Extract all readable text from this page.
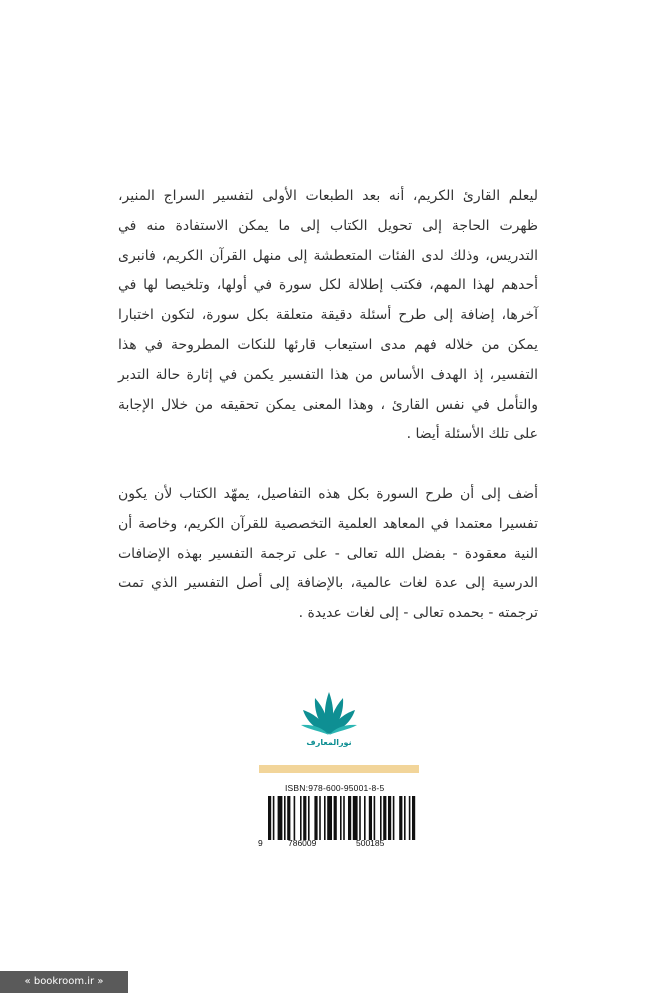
ليعلم القارئ الكريم، أنه بعد الطبعات الأولى لتفسير السراج المنير، ظهرت الحاجة إلى تحويل الكتاب إلى ما يمكن الاستفادة منه في التدريس، وذلك لدى الفئات المتعطشة إلى منهل القرآن الكريم، فانبرى أحدهم لهذا المهم، فكتب إطلالة لكل سورة في أولها، وتلخيصا لها في آخرها، إضافة إلى طرح أسئلة دقيقة متعلقة بكل سورة، لتكون اختبارا يمكن من خلاله فهم مدى استيعاب قارئها للنكات المطروحة في هذا التفسير، إذ الهدف الأساس من هذا التفسير يكمن في إثارة حالة التدبر والتأمل في نفس القارئ ، وهذا المعنى يمكن تحقيقه من خلال الإجابة على تلك الأسئلة أيضا .

أضف إلى أن طرح السورة بكل هذه التفاصيل، يمهّد الكتاب لأن يكون تفسيرا معتمدا في المعاهد العلمية التخصصية للقرآن الكريم، وخاصة أن النية معقودة - بفضل الله تعالى - على ترجمة التفسير بهذه الإضافات الدرسية إلى عدة لغات عالمية، بالإضافة إلى أصل التفسير الذي تمت ترجمته - بحمده تعالى - إلى لغات عديدة .

نورالمعارف
ISBN:978-600-95001-8-5
9	786009	500185
« bookroom.ir »
